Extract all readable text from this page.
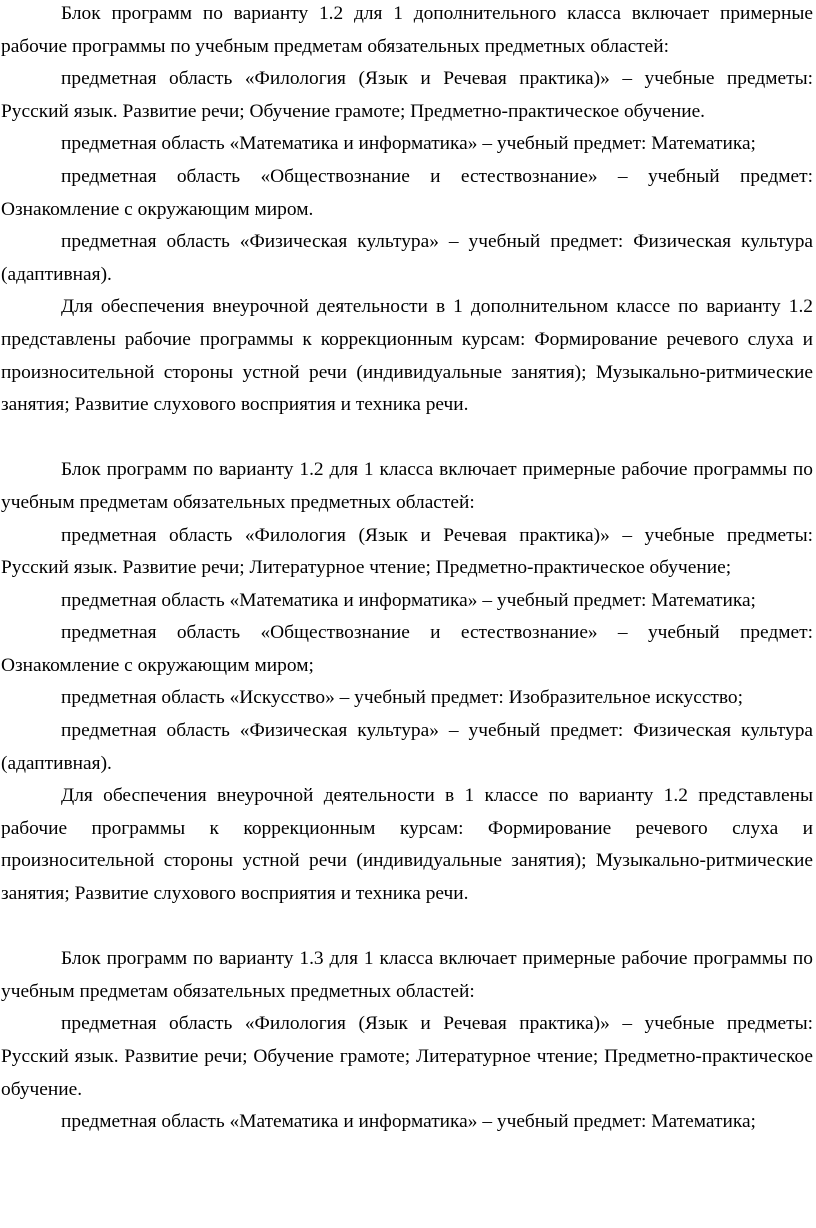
Блок программ по варианту 1.2 для 1 дополнительного класса включает примерные рабочие программы по учебным предметам обязательных предметных областей:

предметная область «Филология (Язык и Речевая практика)» – учебные предметы: Русский язык. Развитие речи; Обучение грамоте; Предметно-практическое обучение.

предметная область «Математика и информатика» – учебный предмет: Математика;

предметная область «Обществознание и естествознание» – учебный предмет: Ознакомление с окружающим миром.

предметная область «Физическая культура» – учебный предмет: Физическая культура (адаптивная).

Для обеспечения внеурочной деятельности в 1 дополнительном классе по варианту 1.2 представлены рабочие программы к коррекционным курсам: Формирование речевого слуха и произносительной стороны устной речи (индивидуальные занятия); Музыкально-ритмические занятия; Развитие слухового восприятия и техника речи.

Блок программ по варианту 1.2 для 1 класса включает примерные рабочие программы по учебным предметам обязательных предметных областей:

предметная область «Филология (Язык и Речевая практика)» – учебные предметы: Русский язык. Развитие речи; Литературное чтение; Предметно-практическое обучение;

предметная область «Математика и информатика» – учебный предмет: Математика;

предметная область «Обществознание и естествознание» – учебный предмет: Ознакомление с окружающим миром;

предметная область «Искусство» – учебный предмет: Изобразительное искусство;

предметная область «Физическая культура» – учебный предмет: Физическая культура (адаптивная).

Для обеспечения внеурочной деятельности в 1 классе по варианту 1.2 представлены рабочие программы к коррекционным курсам: Формирование речевого слуха и произносительной стороны устной речи (индивидуальные занятия); Музыкально-ритмические занятия; Развитие слухового восприятия и техника речи.

Блок программ по варианту 1.3 для 1 класса включает примерные рабочие программы по учебным предметам обязательных предметных областей:

предметная область «Филология (Язык и Речевая практика)» – учебные предметы: Русский язык. Развитие речи; Обучение грамоте; Литературное чтение; Предметно-практическое обучение.

предметная область «Математика и информатика» – учебный предмет: Математика;
